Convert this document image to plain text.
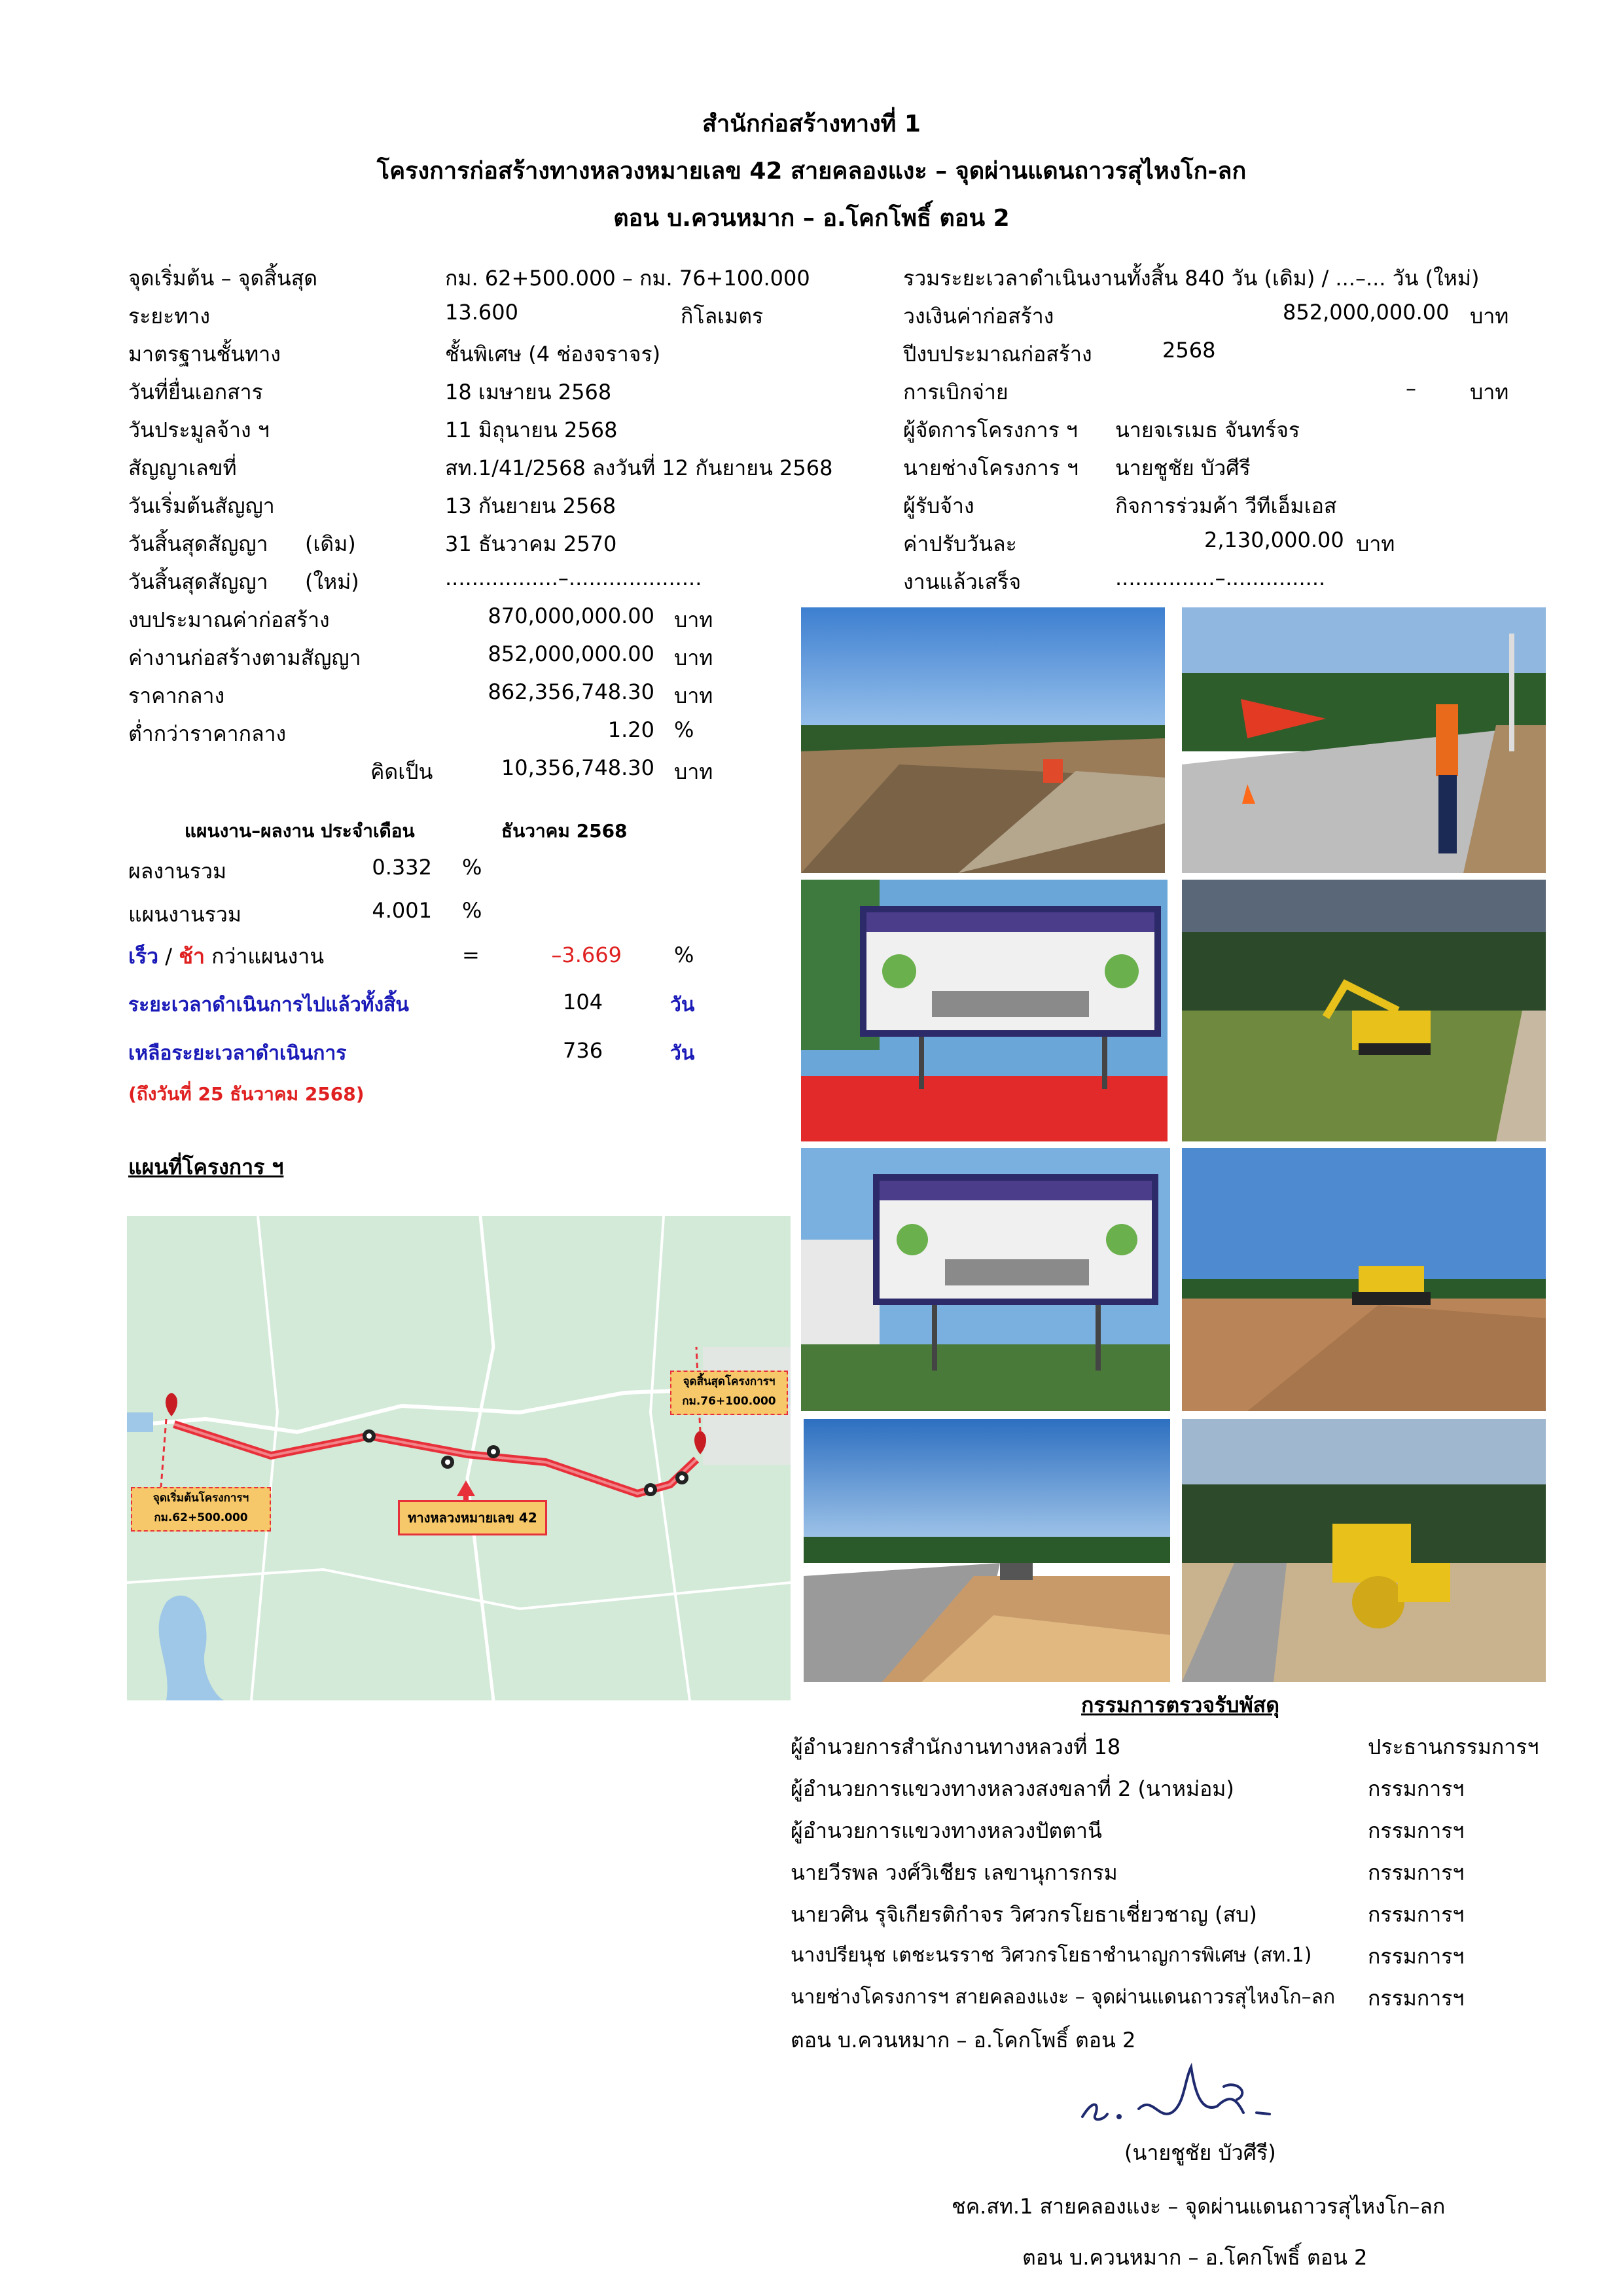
สำนักก่อสร้างทางที่ 1
โครงการก่อสร้างทางหลวงหมายเลข 42 สายคลองแงะ – จุดผ่านแดนถาวรสุไหงโก-ลก
ตอน บ.ควนหมาก – อ.โคกโพธิ์ ตอน 2
จุดเริ่มต้น – จุดสิ้นสุด	กม. 62+500.000 – กม. 76+100.000
ระยะทาง	13.600	กิโลเมตร
มาตรฐานชั้นทาง	ชั้นพิเศษ (4 ช่องจราจร)
วันที่ยื่นเอกสาร	18 เมษายน 2568
วันประมูลจ้าง ฯ	11 มิถุนายน 2568
สัญญาเลขที่	สท.1/41/2568 ลงวันที่ 12 กันยายน 2568
วันเริ่มต้นสัญญา	13 กันยายน 2568
วันสิ้นสุดสัญญา (เดิม)	31 ธันวาคม 2570
วันสิ้นสุดสัญญา (ใหม่)	.................–....................
รวมระยะเวลาดำเนินงานทั้งสิ้น 840 วัน (เดิม) / ...–... วัน (ใหม่)
วงเงินค่าก่อสร้าง	852,000,000.00 บาท
ปีงบประมาณก่อสร้าง	2568
การเบิกจ่าย	–	บาท
ผู้จัดการโครงการ ฯ นายจเรเมธ จันทร์จร
นายช่างโครงการ ฯ นายชูชัย บัวศีรี
ผู้รับจ้าง	กิจการร่วมค้า วีทีเอ็มเอส
ค่าปรับวันละ	2,130,000.00 บาท
งานแล้วเสร็จ	...............–...............
งบประมาณค่าก่อสร้าง	870,000,000.00 บาท
ค่างานก่อสร้างตามสัญญา	852,000,000.00 บาท
ราคากลาง	862,356,748.30 บาท
ต่ำกว่าราคากลาง	1.20 %
คิดเป็น	10,356,748.30 บาท
แผนงาน–ผลงาน ประจำเดือน	ธันวาคม 2568
ผลงานรวม	0.332 %
แผนงานรวม	4.001 %
เร็ว / ช้า กว่าแผนงาน	=	–3.669	%
ระยะเวลาดำเนินการไปแล้วทั้งสิ้น	104	วัน
เหลือระยะเวลาดำเนินการ	736	วัน
(ถึงวันที่ 25 ธันวาคม 2568)
แผนที่โครงการ ฯ
จุดเริ่มต้นโครงการฯ
กม.62+500.000
จุดสิ้นสุดโครงการฯ
กม.76+100.000
ทางหลวงหมายเลข 42
กรรมการตรวจรับพัสดุ
ผู้อำนวยการสำนักงานทางหลวงที่ 18	ประธานกรรมการฯ
ผู้อำนวยการแขวงทางหลวงสงขลาที่ 2 (นาหม่อม)	กรรมการฯ
ผู้อำนวยการแขวงทางหลวงปัตตานี	กรรมการฯ
นายวีรพล วงศ์วิเชียร เลขานุการกรม	กรรมการฯ
นายวศิน รุจิเกียรติกำจร วิศวกรโยธาเชี่ยวชาญ (สบ)	กรรมการฯ
นางปรียนุช เตชะนรราช วิศวกรโยธาชำนาญการพิเศษ (สท.1)	กรรมการฯ
นายช่างโครงการฯ สายคลองแงะ – จุดผ่านแดนถาวรสุไหงโก–ลก กรรมการฯ
ตอน บ.ควนหมาก – อ.โคกโพธิ์ ตอน 2
(นายชูชัย บัวศีรี)
ชค.สท.1 สายคลองแงะ – จุดผ่านแดนถาวรสุไหงโก–ลก
ตอน บ.ควนหมาก – อ.โคกโพธิ์ ตอน 2
